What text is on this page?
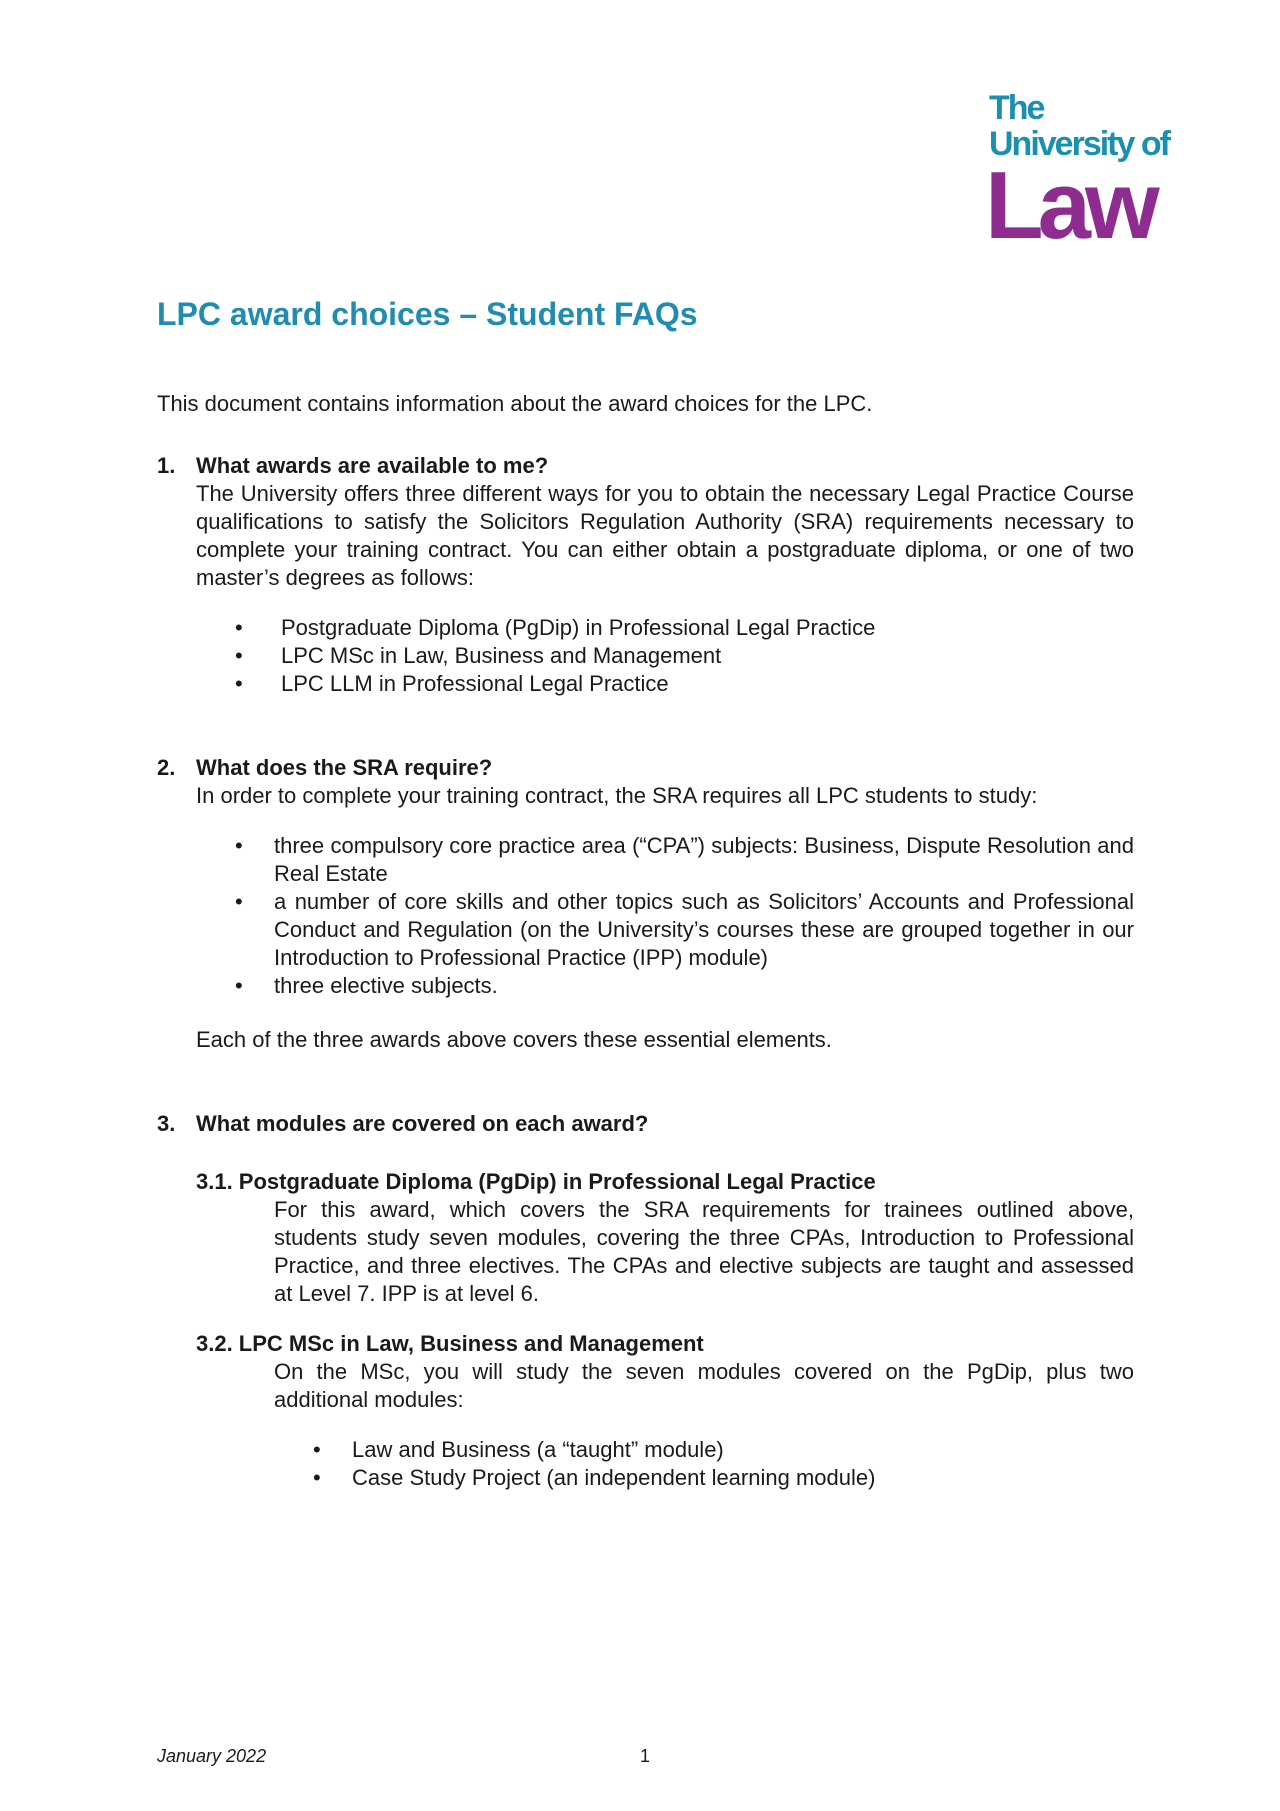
The
University of
Law
LPC award choices – Student FAQs
This document contains information about the award choices for the LPC.
1. What awards are available to me?
The University offers three different ways for you to obtain the necessary Legal Practice Course qualifications to satisfy the Solicitors Regulation Authority (SRA) requirements necessary to complete your training contract. You can either obtain a postgraduate diploma, or one of two master’s degrees as follows:
•	Postgraduate Diploma (PgDip) in Professional Legal Practice
•	LPC MSc in Law, Business and Management
•	LPC LLM in Professional Legal Practice
2. What does the SRA require?
In order to complete your training contract, the SRA requires all LPC students to study:
•	three compulsory core practice area (“CPA”) subjects: Business, Dispute Resolution and Real Estate
•	a number of core skills and other topics such as Solicitors’ Accounts and Professional Conduct and Regulation (on the University’s courses these are grouped together in our Introduction to Professional Practice (IPP) module)
•	three elective subjects.
Each of the three awards above covers these essential elements.
3. What modules are covered on each award?
3.1. Postgraduate Diploma (PgDip) in Professional Legal Practice
For this award, which covers the SRA requirements for trainees outlined above, students study seven modules, covering the three CPAs, Introduction to Professional Practice, and three electives. The CPAs and elective subjects are taught and assessed at Level 7. IPP is at level 6.
3.2. LPC MSc in Law, Business and Management
On the MSc, you will study the seven modules covered on the PgDip, plus two additional modules:
•	Law and Business (a “taught” module)
•	Case Study Project (an independent learning module)
January 2022	1
